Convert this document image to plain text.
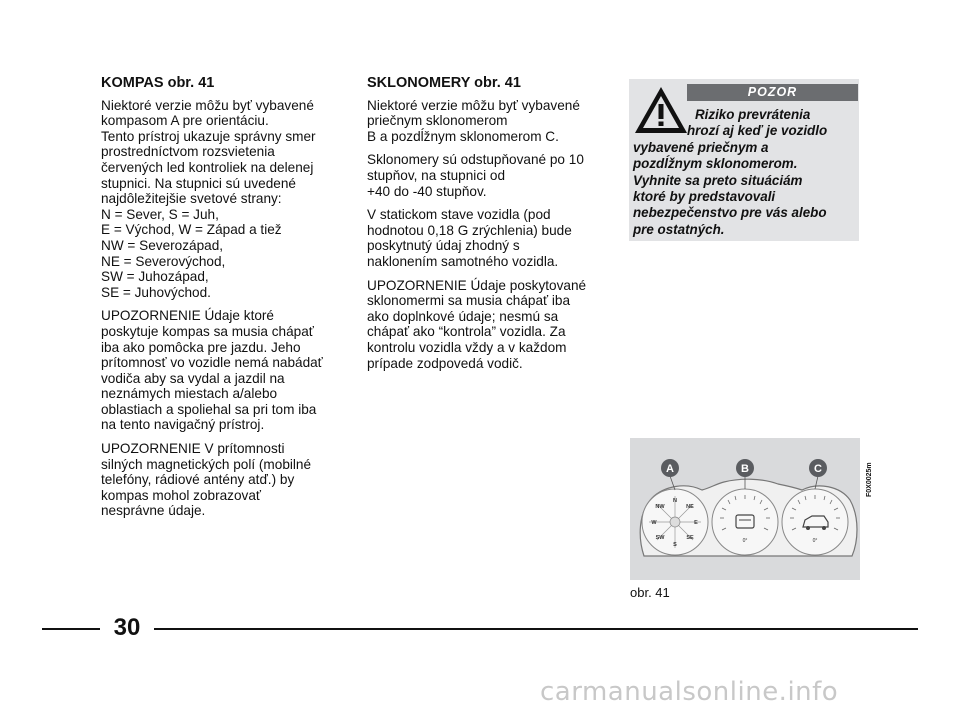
KOMPAS obr. 41

Niektoré verzie môžu byť vybavené
kompasom A pre orientáciu.
Tento prístroj ukazuje správny smer
prostredníctvom rozsvietenia
červených led kontroliek na delenej
stupnici. Na stupnici sú uvedené
najdôležitejšie svetové strany:
N = Sever, S = Juh,
E = Východ, W = Západ a tiež
NW = Severozápad,
NE = Severovýchod,
SW = Juhozápad,
SE = Juhovýchod.

UPOZORNENIE Údaje ktoré
poskytuje kompas sa musia chápať
iba ako pomôcka pre jazdu. Jeho
prítomnosť vo vozidle nemá nabádať
vodiča aby sa vydal a jazdil na
neznámych miestach a/alebo
oblastiach a spoliehal sa pri tom iba
na tento navigačný prístroj.

UPOZORNENIE V prítomnosti
silných magnetických polí (mobilné
telefóny, rádiové antény atď.) by
kompas mohol zobrazovať
nesprávne údaje.

SKLONOMERY obr. 41

Niektoré verzie môžu byť vybavené
priečnym sklonomerom
B a pozdĺžnym sklonomerom C.

Sklonomery sú odstupňované po 10
stupňov, na stupnici od
+40 do -40 stupňov.

V statickom stave vozidla (pod
hodnotou 0,18 G zrýchlenia) bude
poskytnutý údaj zhodný s
naklonením samotného vozidla.

UPOZORNENIE Údaje poskytované
sklonomermi sa musia chápať iba
ako doplnkové údaje; nesmú sa
chápať ako “kontrola” vozidla. Za
kontrolu vozidla vždy a v každom
prípade zodpovedá vodič.

POZOR
Riziko prevrátenia
hrozí aj keď je vozidlo
vybavené priečnym a
pozdĺžnym sklonomerom.
Vyhnite sa preto situáciám
ktoré by predstavovali
nebezpečenstvo pre vás alebo
pre ostatných.
N
NE
E
SE
S
SW
W
NW
0°	0°
A	B	C	F0X0025m
obr. 41
30
carmanualsonline.info
